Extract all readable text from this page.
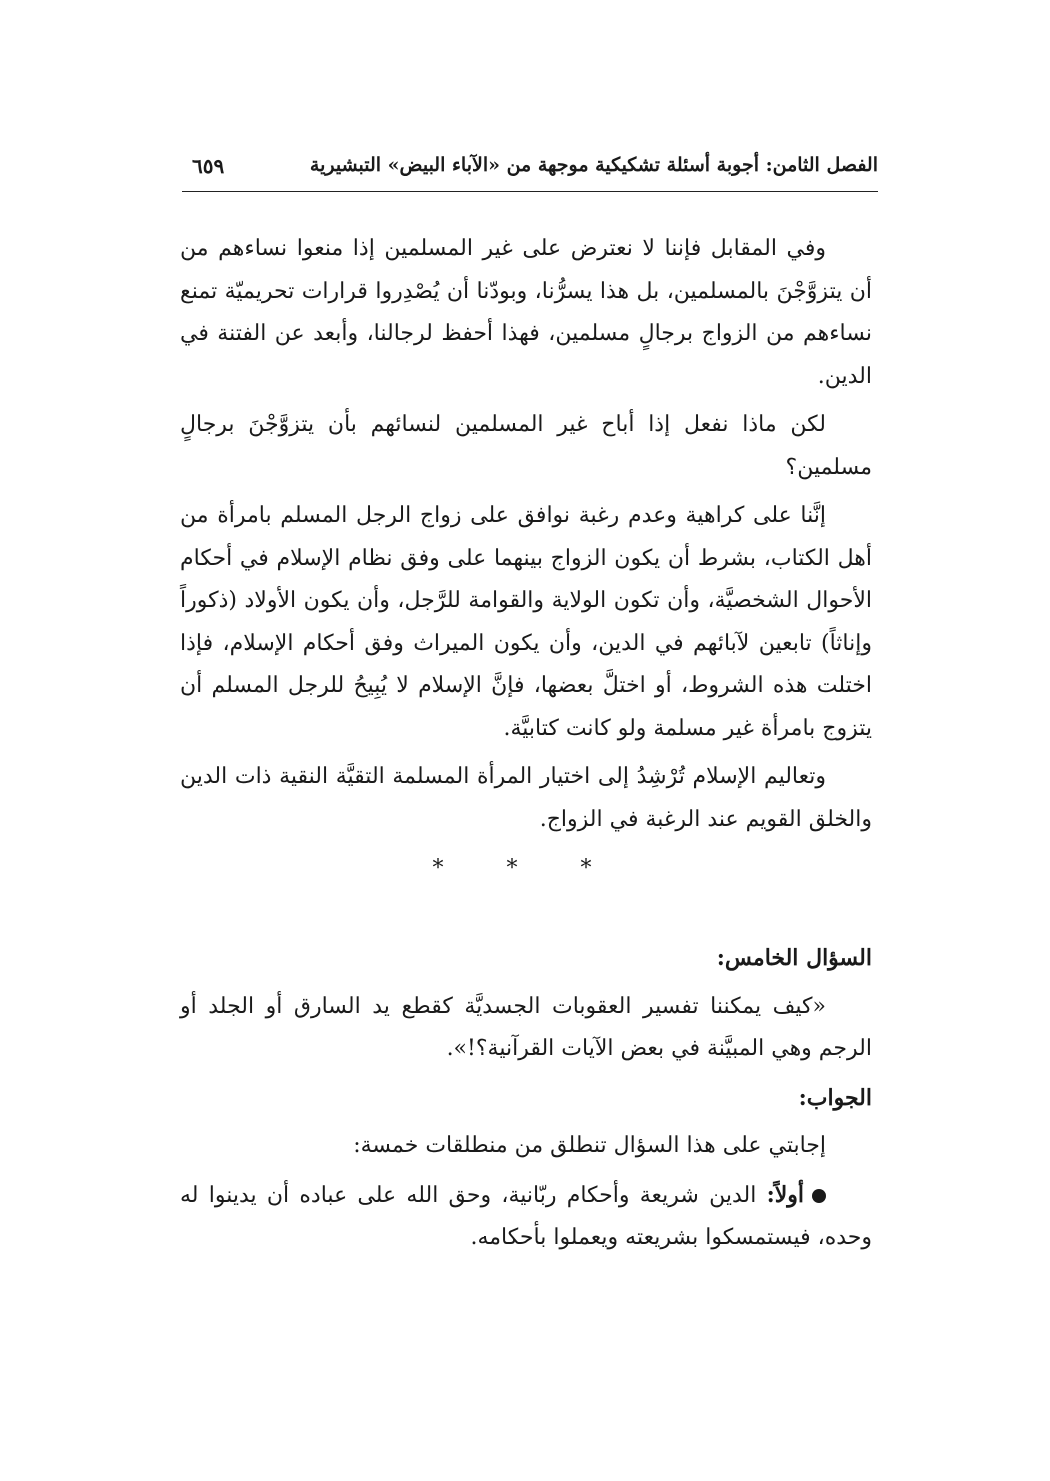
الفصل الثامن: أجوبة أسئلة تشكيكية موجهة من «الآباء البيض» التبشيرية
٦٥٩

وفي المقابل فإننا لا نعترض على غير المسلمين إذا منعوا نساءهم من أن يتزوَّجْنَ بالمسلمين، بل هذا يسرُّنا، وبودّنا أن يُصْدِروا قرارات تحريميّة تمنع نساءهم من الزواج برجالٍ مسلمين، فهذا أحفظ لرجالنا، وأبعد عن الفتنة في الدين.

لكن ماذا نفعل إذا أباح غير المسلمين لنسائهم بأن يتزوَّجْنَ برجالٍ مسلمين؟

إنَّنا على كراهية وعدم رغبة نوافق على زواج الرجل المسلم بامرأة من أهل الكتاب، بشرط أن يكون الزواج بينهما على وفق نظام الإسلام في أحكام الأحوال الشخصيَّة، وأن تكون الولاية والقوامة للرَّجل، وأن يكون الأولاد (ذكوراً وإناثاً) تابعين لآبائهم في الدين، وأن يكون الميراث وفق أحكام الإسلام، فإذا اختلت هذه الشروط، أو اختلَّ بعضها، فإنَّ الإسلام لا يُبِيحُ للرجل المسلم أن يتزوج بامرأة غير مسلمة ولو كانت كتابيَّة.

وتعاليم الإسلام تُرْشِدُ إلى اختيار المرأة المسلمة التقيَّة النقية ذات الدين والخلق القويم عند الرغبة في الزواج.

* * *

السؤال الخامس:

«كيف يمكننا تفسير العقوبات الجسديَّة كقطع يد السارق أو الجلد أو الرجم وهي المبيَّنة في بعض الآيات القرآنية؟!».

الجواب:

إجابتي على هذا السؤال تنطلق من منطلقات خمسة:

أولاً: الدين شريعة وأحكام ربّانية، وحق الله على عباده أن يدينوا له وحده، فيستمسكوا بشريعته ويعملوا بأحكامه.
